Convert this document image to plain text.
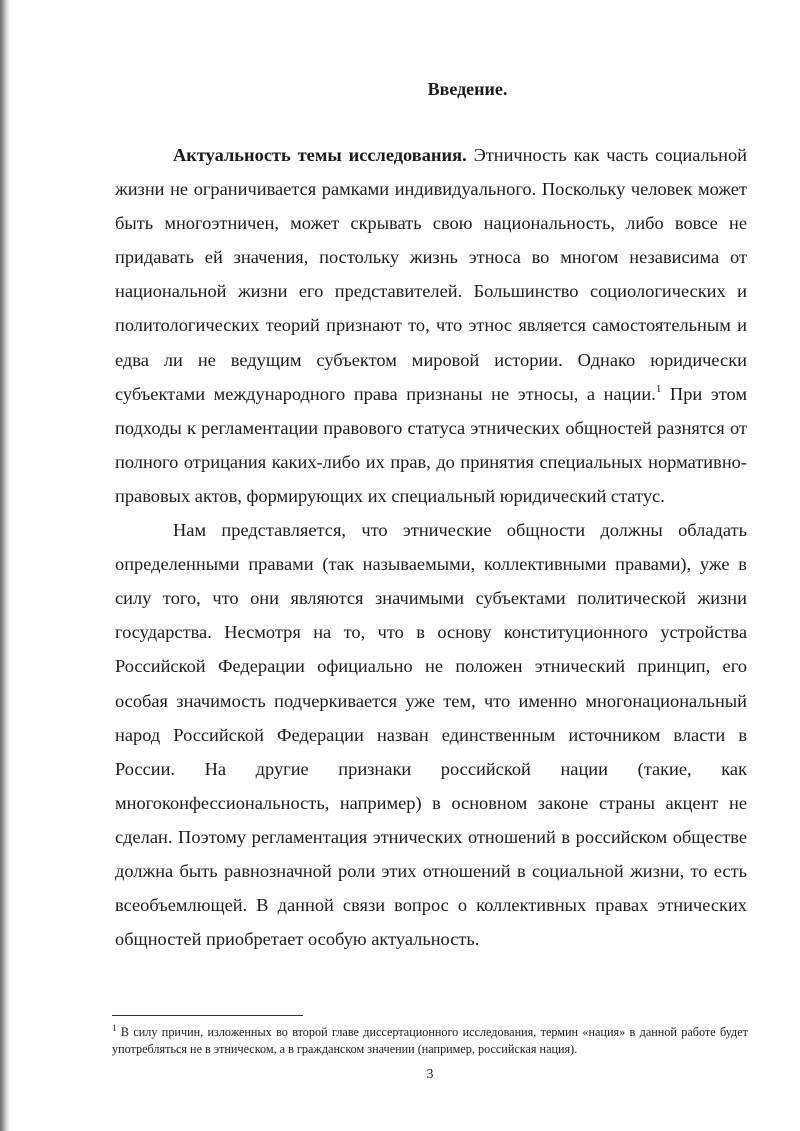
Введение.

Актуальность темы исследования. Этничность как часть социальной жизни не ограничивается рамками индивидуального. Поскольку человек может быть многоэтничен, может скрывать свою национальность, либо вовсе не придавать ей значения, постольку жизнь этноса во многом независима от национальной жизни его представителей. Большинство социологических и политологических теорий признают то, что этнос является самостоятельным и едва ли не ведущим субъектом мировой истории. Однако юридически субъектами международного права признаны не этносы, а нации.$^1$ При этом подходы к регламентации правового статуса этнических общностей разнятся от полного отрицания каких-либо их прав, до принятия специальных нормативно-правовых актов, формирующих их специальный юридический статус.

Нам представляется, что этнические общности должны обладать определенными правами (так называемыми, коллективными правами), уже в силу того, что они являются значимыми субъектами политической жизни государства. Несмотря на то, что в основу конституционного устройства Российской Федерации официально не положен этнический принцип, его особая значимость подчеркивается уже тем, что именно многонациональный народ Российской Федерации назван единственным источником власти в России. На другие признаки российской нации (такие, как многоконфессиональность, например) в основном законе страны акцент не сделан. Поэтому регламентация этнических отношений в российском обществе должна быть равнозначной роли этих отношений в социальной жизни, то есть всеобъемлющей. В данной связи вопрос о коллективных правах этнических общностей приобретает особую актуальность.

$^1$ В силу причин, изложенных во второй главе диссертационного исследования, термин «нация» в данной работе будет употребляться не в этническом, а в гражданском значении (например, российская нация).
3
